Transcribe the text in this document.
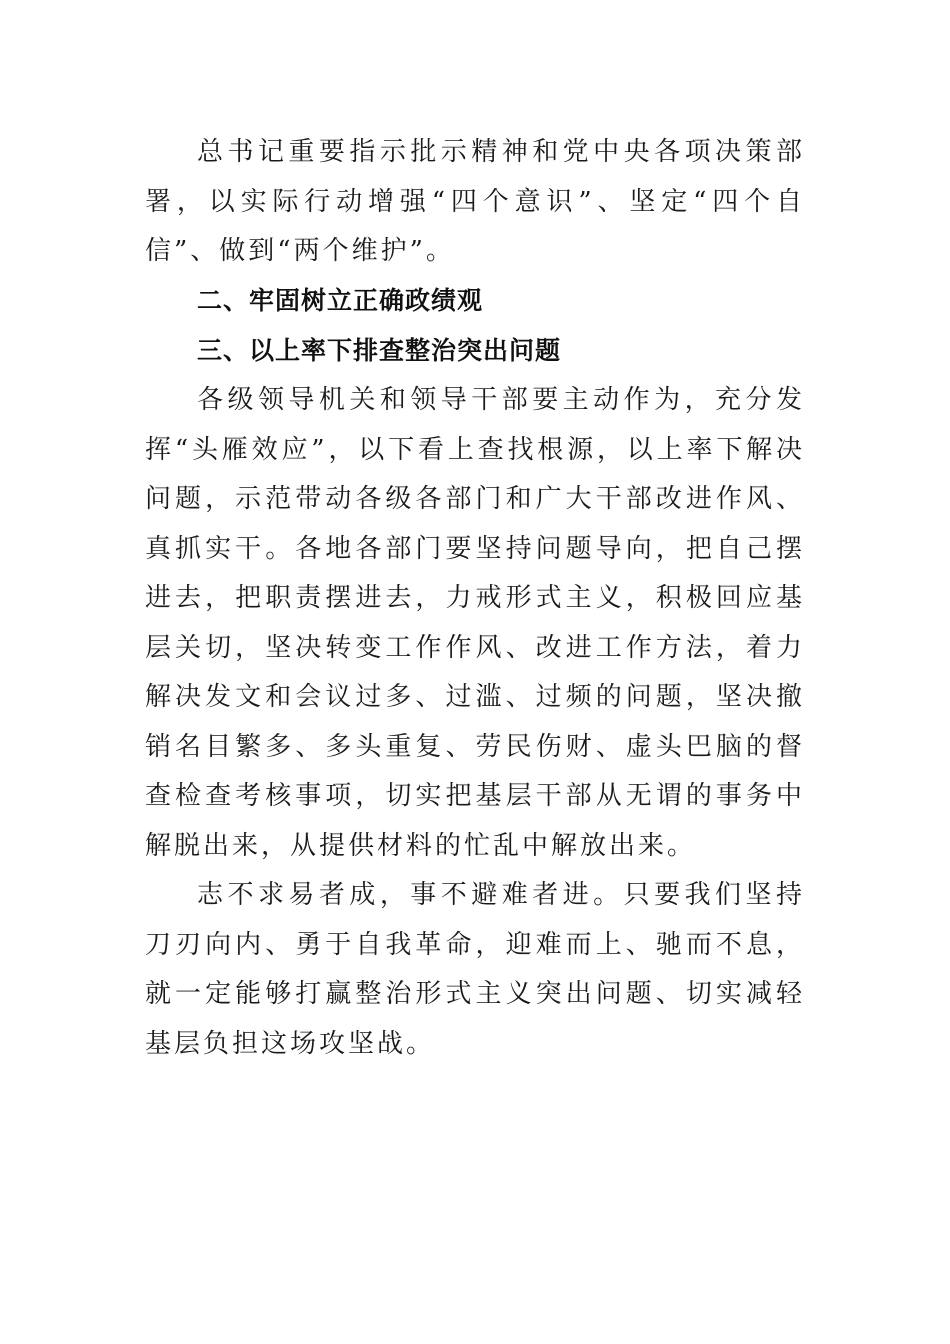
总书记重要指示批示精神和党中央各项决策部署，以实际行动增强“四个意识”、坚定“四个自信”、做到“两个维护”。

二、牢固树立正确政绩观
三、以上率下排查整治突出问题

各级领导机关和领导干部要主动作为，充分发挥“头雁效应”，以下看上查找根源，以上率下解决问题，示范带动各级各部门和广大干部改进作风、真抓实干。各地各部门要坚持问题导向，把自己摆进去，把职责摆进去，力戒形式主义，积极回应基层关切，坚决转变工作作风、改进工作方法，着力解决发文和会议过多、过滥、过频的问题，坚决撤销名目繁多、多头重复、劳民伤财、虚头巴脑的督查检查考核事项，切实把基层干部从无谓的事务中解脱出来，从提供材料的忙乱中解放出来。

志不求易者成，事不避难者进。只要我们坚持刀刃向内、勇于自我革命，迎难而上、驰而不息，就一定能够打赢整治形式主义突出问题、切实减轻基层负担这场攻坚战。
